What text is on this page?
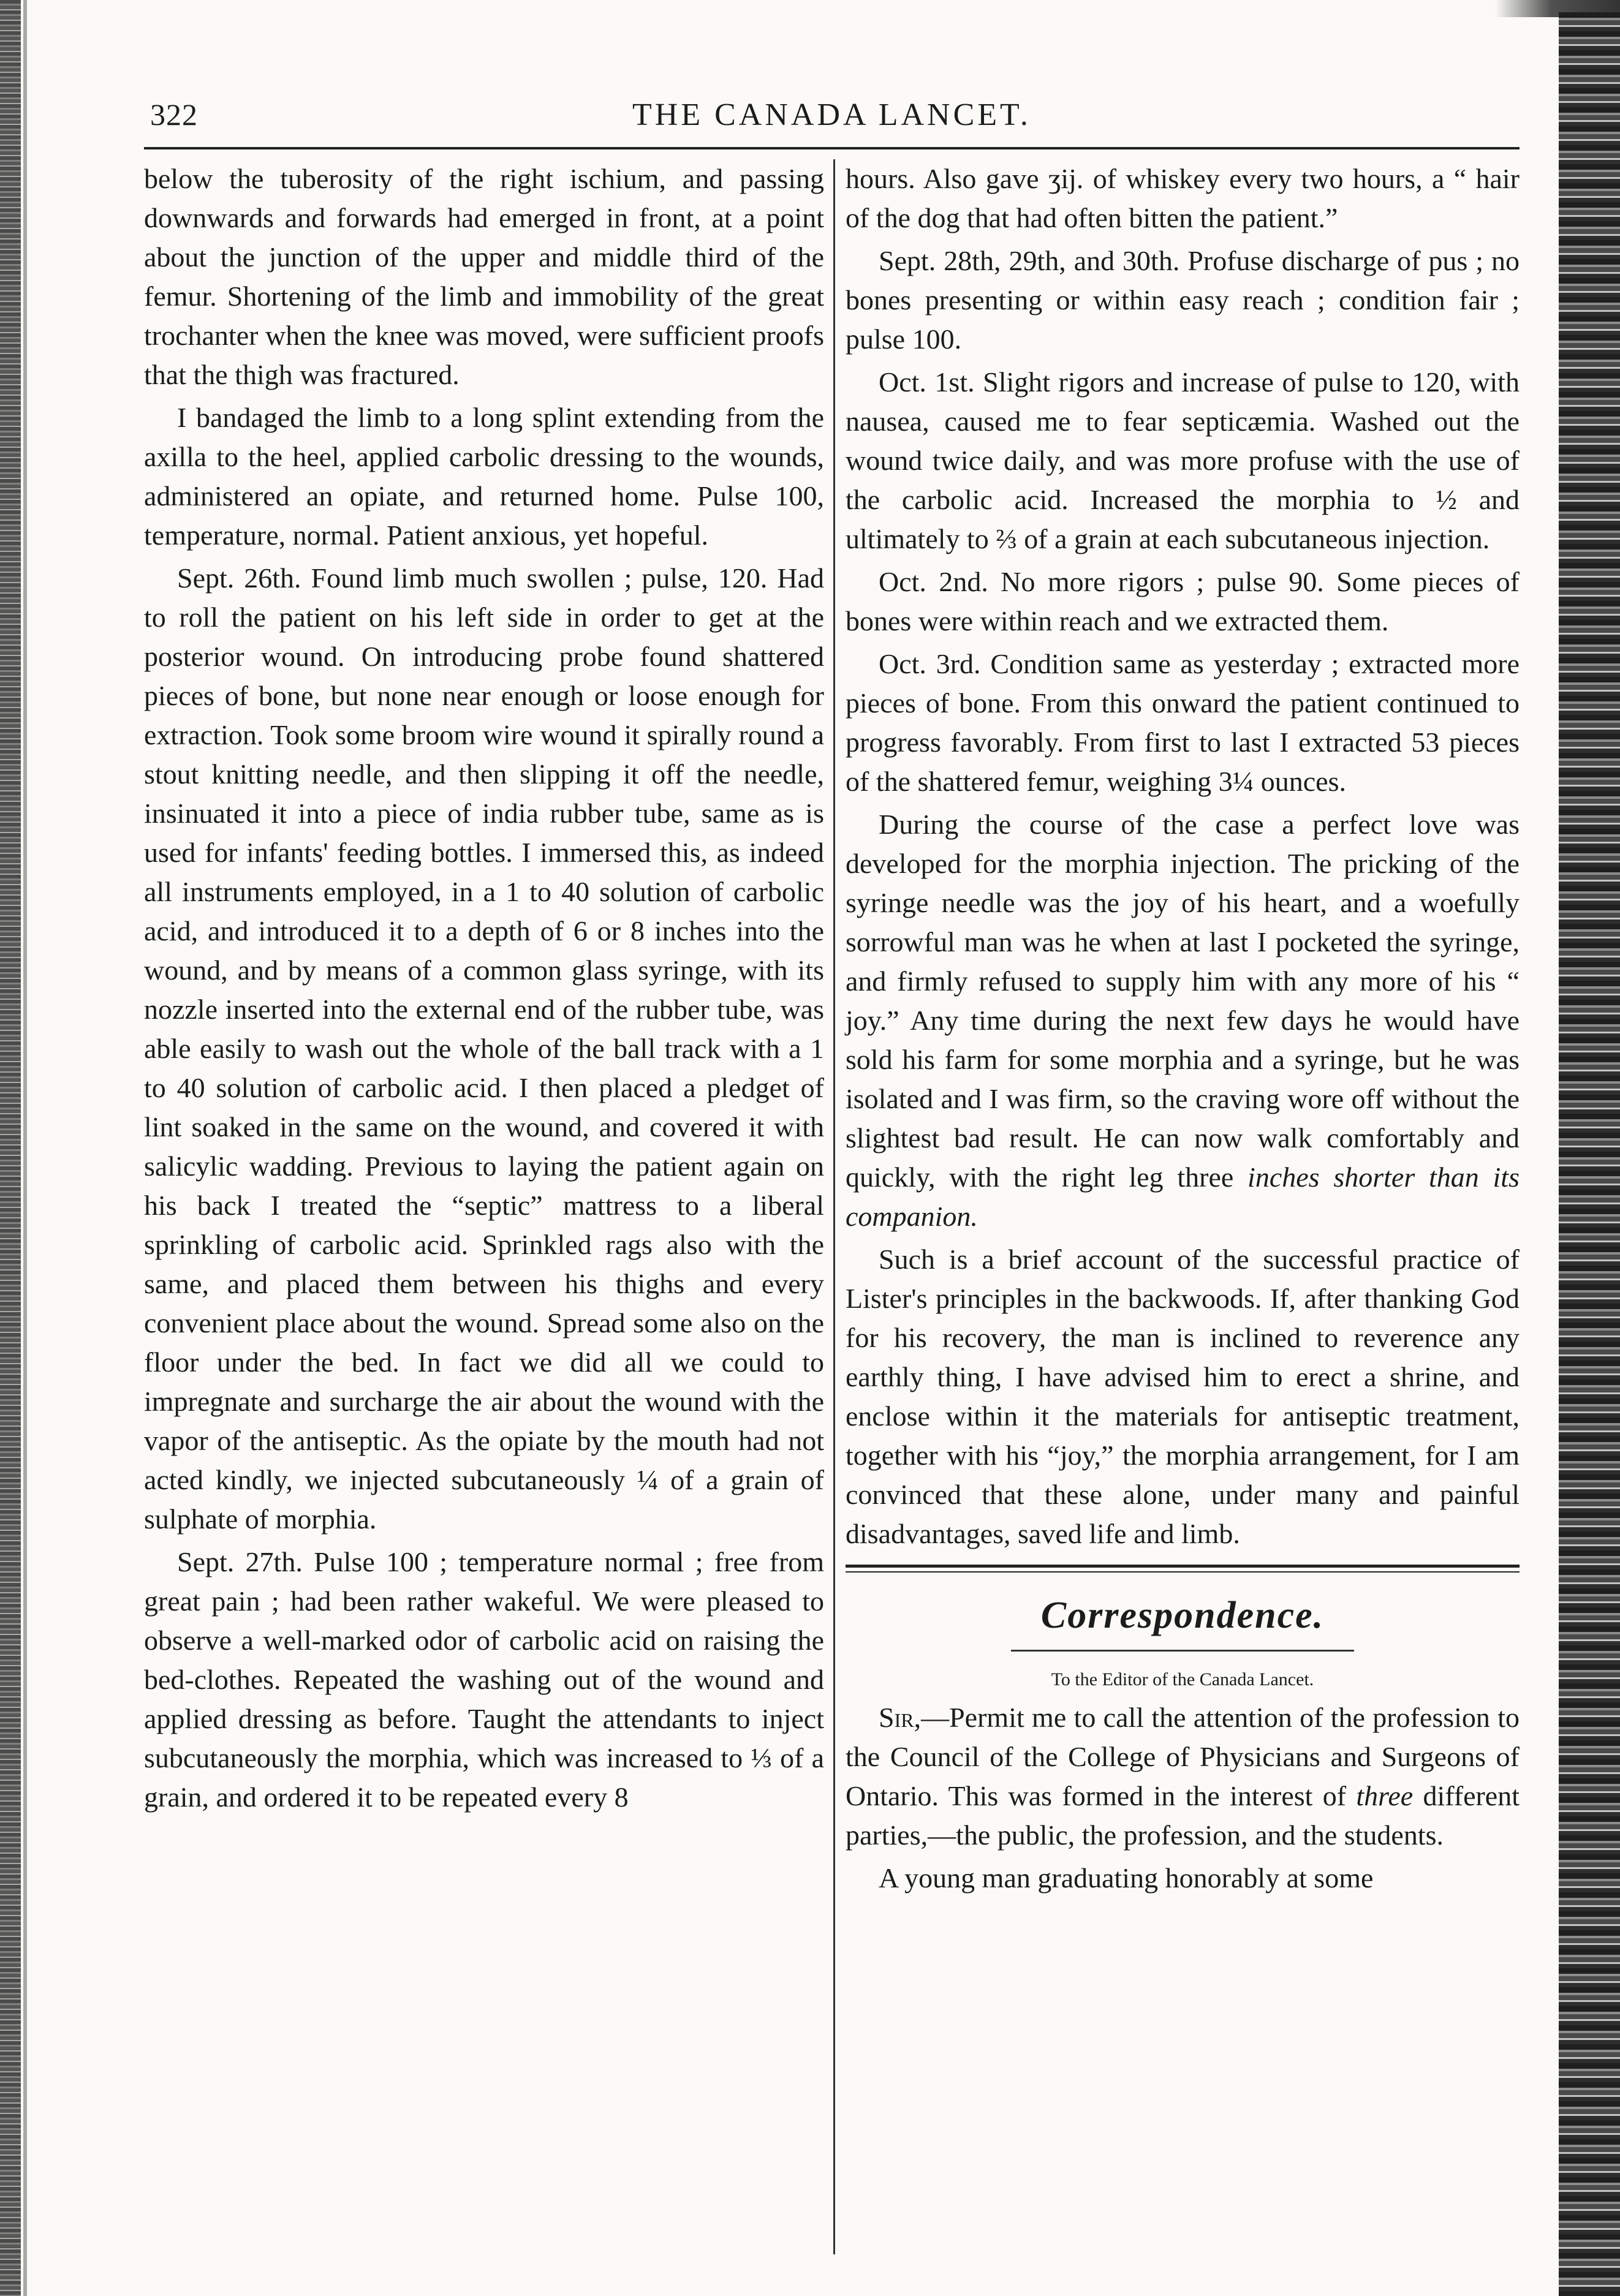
322	THE CANADA LANCET.

below the tuberosity of the right ischium, and passing downwards and forwards had emerged in front, at a point about the junction of the upper and middle third of the femur. Shortening of the limb and immobility of the great trochanter when the knee was moved, were sufficient proofs that the thigh was fractured.

I bandaged the limb to a long splint extending from the axilla to the heel, applied carbolic dressing to the wounds, administered an opiate, and returned home. Pulse 100, temperature, normal. Patient anxious, yet hopeful.

Sept. 26th. Found limb much swollen ; pulse, 120. Had to roll the patient on his left side in order to get at the posterior wound. On introducing probe found shattered pieces of bone, but none near enough or loose enough for extraction. Took some broom wire wound it spirally round a stout knitting needle, and then slipping it off the needle, insinuated it into a piece of india rubber tube, same as is used for infants' feeding bottles. I immersed this, as indeed all instruments employed, in a 1 to 40 solution of carbolic acid, and introduced it to a depth of 6 or 8 inches into the wound, and by means of a common glass syringe, with its nozzle inserted into the external end of the rubber tube, was able easily to wash out the whole of the ball track with a 1 to 40 solution of carbolic acid. I then placed a pledget of lint soaked in the same on the wound, and covered it with salicylic wadding. Previous to laying the patient again on his back I treated the “septic” mattress to a liberal sprinkling of carbolic acid. Sprinkled rags also with the same, and placed them between his thighs and every convenient place about the wound. Spread some also on the floor under the bed. In fact we did all we could to impregnate and surcharge the air about the wound with the vapor of the antiseptic. As the opiate by the mouth had not acted kindly, we injected subcutaneously ¼ of a grain of sulphate of morphia.

Sept. 27th. Pulse 100 ; temperature normal ; free from great pain ; had been rather wakeful. We were pleased to observe a well-marked odor of carbolic acid on raising the bed-clothes. Repeated the washing out of the wound and applied dressing as before. Taught the attendants to inject subcutaneously the morphia, which was increased to ⅓ of a grain, and ordered it to be repeated every 8

hours. Also gave ʒij. of whiskey every two hours, a “ hair of the dog that had often bitten the patient.”

Sept. 28th, 29th, and 30th. Profuse discharge of pus ; no bones presenting or within easy reach ; condition fair ; pulse 100.

Oct. 1st. Slight rigors and increase of pulse to 120, with nausea, caused me to fear septicæmia. Washed out the wound twice daily, and was more profuse with the use of the carbolic acid. Increased the morphia to ½ and ultimately to ⅔ of a grain at each subcutaneous injection.

Oct. 2nd. No more rigors ; pulse 90. Some pieces of bones were within reach and we extracted them.

Oct. 3rd. Condition same as yesterday ; extracted more pieces of bone. From this onward the patient continued to progress favorably. From first to last I extracted 53 pieces of the shattered femur, weighing 3¼ ounces.

During the course of the case a perfect love was developed for the morphia injection. The pricking of the syringe needle was the joy of his heart, and a woefully sorrowful man was he when at last I pocketed the syringe, and firmly refused to supply him with any more of his “ joy.” Any time during the next few days he would have sold his farm for some morphia and a syringe, but he was isolated and I was firm, so the craving wore off without the slightest bad result. He can now walk comfortably and quickly, with the right leg three inches shorter than its companion.

Such is a brief account of the successful practice of Lister's principles in the backwoods. If, after thanking God for his recovery, the man is inclined to reverence any earthly thing, I have advised him to erect a shrine, and enclose within it the materials for antiseptic treatment, together with his “joy,” the morphia arrangement, for I am convinced that these alone, under many and painful disadvantages, saved life and limb.

Correspondence.

To the Editor of the Canada Lancet.

Sir,—Permit me to call the attention of the profession to the Council of the College of Physicians and Surgeons of Ontario. This was formed in the interest of three different parties,—the public, the profession, and the students.

A young man graduating honorably at some
